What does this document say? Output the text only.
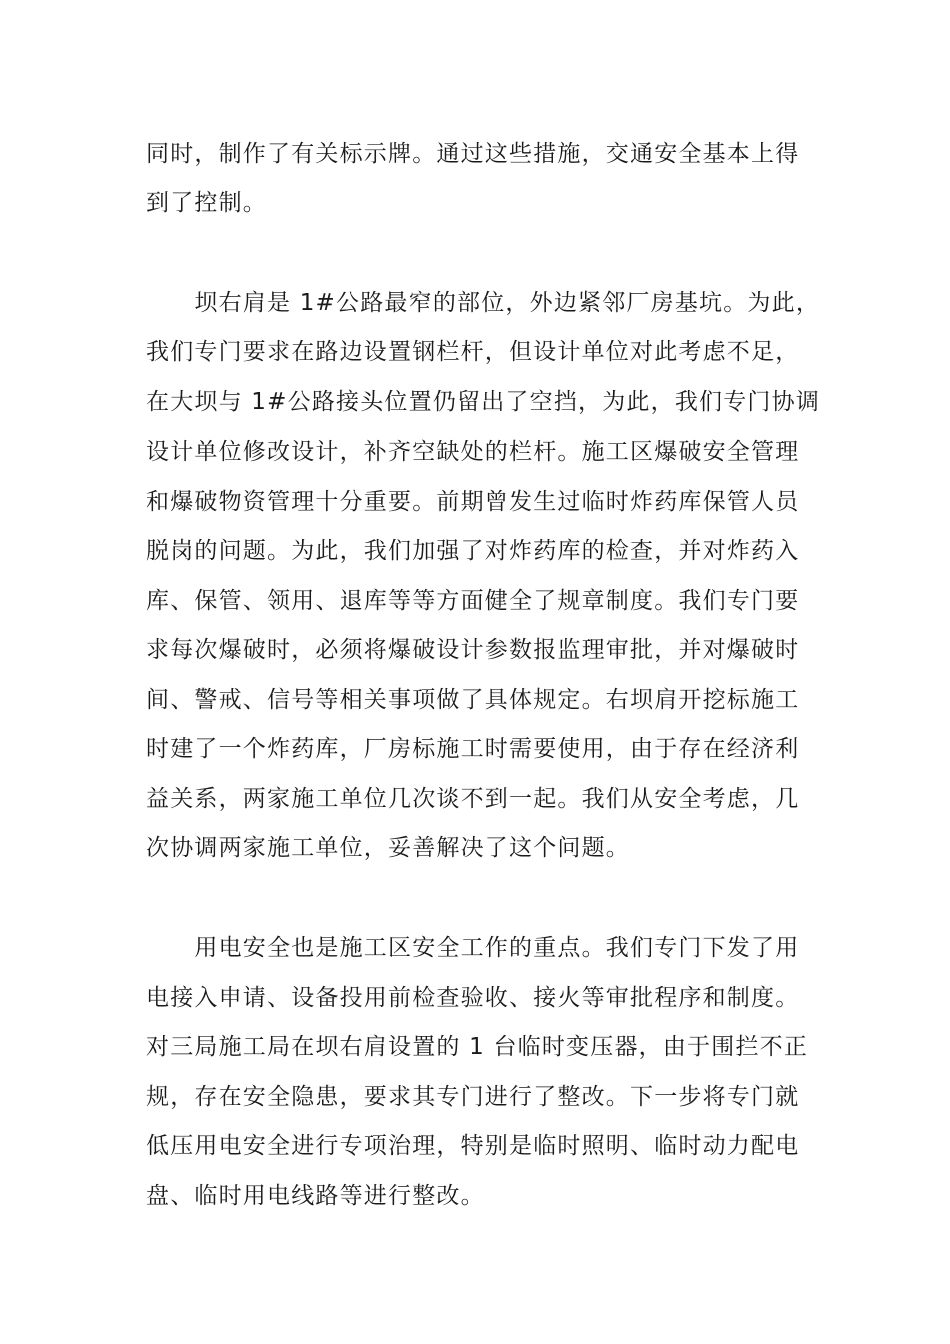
同时，制作了有关标示牌。通过这些措施，交通安全基本上得
到了控制。
　　坝右肩是 1#公路最窄的部位，外边紧邻厂房基坑。为此，
我们专门要求在路边设置钢栏杆，但设计单位对此考虑不足，
在大坝与 1#公路接头位置仍留出了空挡，为此，我们专门协调
设计单位修改设计，补齐空缺处的栏杆。施工区爆破安全管理
和爆破物资管理十分重要。前期曾发生过临时炸药库保管人员
脱岗的问题。为此，我们加强了对炸药库的检查，并对炸药入
库、保管、领用、退库等等方面健全了规章制度。我们专门要
求每次爆破时，必须将爆破设计参数报监理审批，并对爆破时
间、警戒、信号等相关事项做了具体规定。右坝肩开挖标施工
时建了一个炸药库，厂房标施工时需要使用，由于存在经济利
益关系，两家施工单位几次谈不到一起。我们从安全考虑，几
次协调两家施工单位，妥善解决了这个问题。
　　用电安全也是施工区安全工作的重点。我们专门下发了用
电接入申请、设备投用前检查验收、接火等审批程序和制度。
对三局施工局在坝右肩设置的 1 台临时变压器，由于围拦不正
规，存在安全隐患，要求其专门进行了整改。下一步将专门就
低压用电安全进行专项治理，特别是临时照明、临时动力配电
盘、临时用电线路等进行整改。
